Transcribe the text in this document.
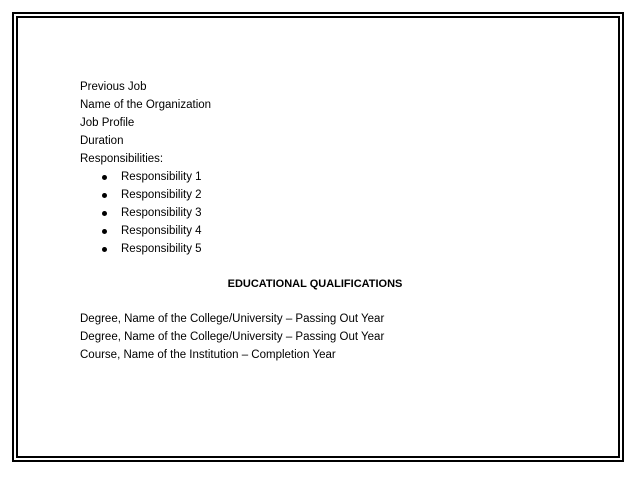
Previous Job
Name of the Organization
Job Profile
Duration
Responsibilities:
Responsibility 1
Responsibility 2
Responsibility 3
Responsibility 4
Responsibility 5
EDUCATIONAL QUALIFICATIONS
Degree, Name of the College/University – Passing Out Year
Degree, Name of the College/University – Passing Out Year
Course, Name of the Institution – Completion Year
